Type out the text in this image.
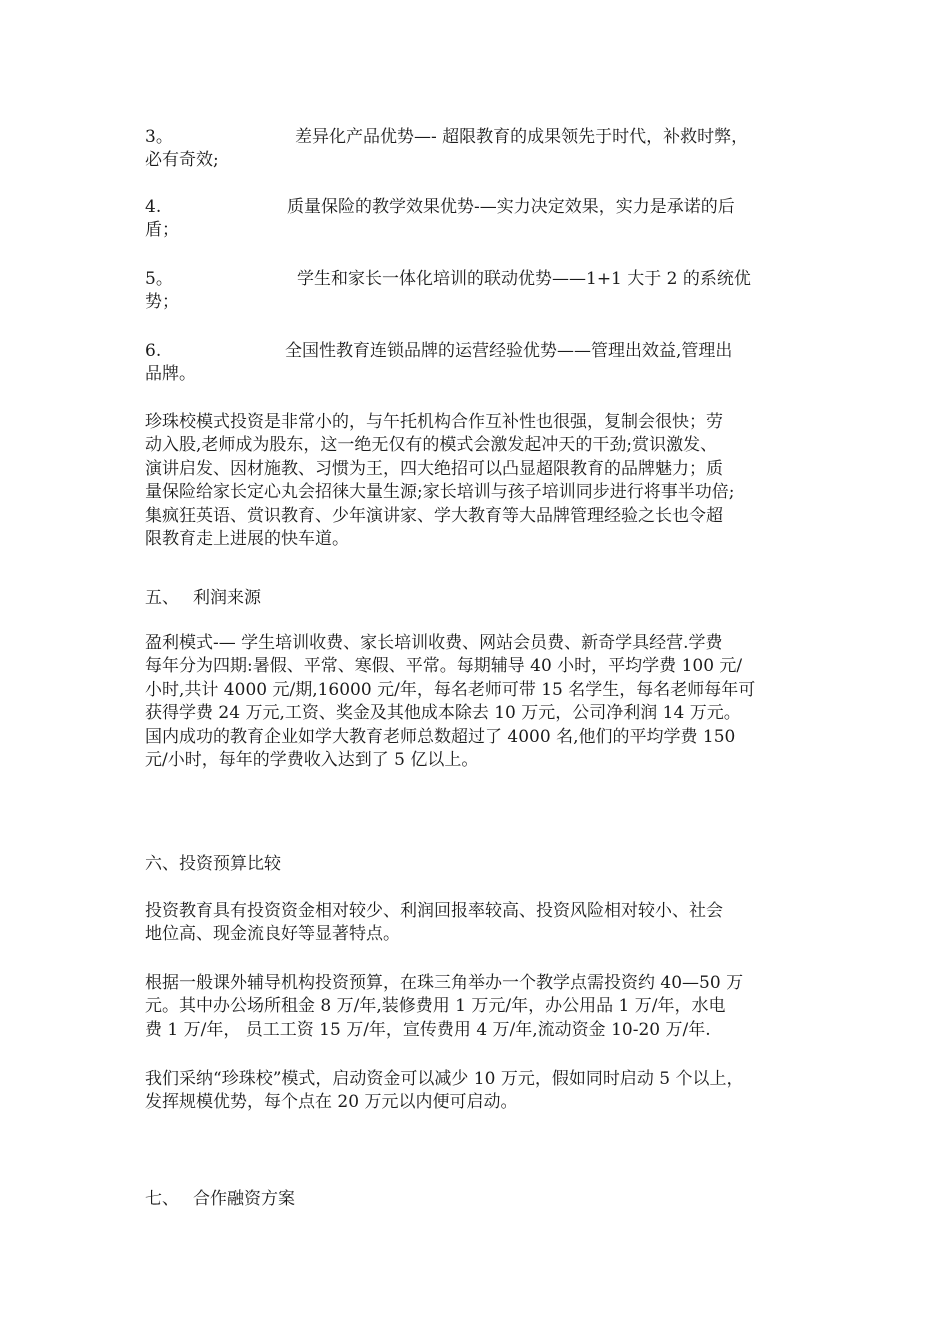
3。	差异化产品优势—- 超限教育的成果领先于时代，补救时弊，
必有奇效;
4.	质量保险的教学效果优势-—实力决定效果，实力是承诺的后
盾；
5。	学生和家长一体化培训的联动优势——1+1 大于 2 的系统优
势；
6.	全国性教育连锁品牌的运营经验优势——管理出效益,管理出
品牌。
珍珠校模式投资是非常小的，与午托机构合作互补性也很强，复制会很快；劳
动入股,老师成为股东，这一绝无仅有的模式会激发起冲天的干劲;赏识激发、
演讲启发、因材施教、习惯为王，四大绝招可以凸显超限教育的品牌魅力；质
量保险给家长定心丸会招徕大量生源;家长培训与孩子培训同步进行将事半功倍;
集疯狂英语、赏识教育、少年演讲家、学大教育等大品牌管理经验之长也令超
限教育走上进展的快车道。
五、 利润来源
盈利模式-— 学生培训收费、家长培训收费、网站会员费、新奇学具经营.学费
每年分为四期:暑假、平常、寒假、平常。每期辅导 40 小时，平均学费 100 元/
小时,共计 4000 元/期,16000 元/年，每名老师可带 15 名学生，每名老师每年可
获得学费 24 万元,工资、奖金及其他成本除去 10 万元，公司净利润 14 万元。
国内成功的教育企业如学大教育老师总数超过了 4000 名,他们的平均学费 150
元/小时，每年的学费收入达到了 5 亿以上。
六、投资预算比较
投资教育具有投资资金相对较少、利润回报率较高、投资风险相对较小、社会
地位高、现金流良好等显著特点。
根据一般课外辅导机构投资预算，在珠三角举办一个教学点需投资约 40—50 万
元。其中办公场所租金 8 万/年,装修费用 1 万元/年，办公用品 1 万/年，水电
费 1 万/年， 员工工资 15 万/年，宣传费用 4 万/年,流动资金 10-20 万/年.
我们采纳“珍珠校”模式，启动资金可以减少 10 万元，假如同时启动 5 个以上，
发挥规模优势，每个点在 20 万元以内便可启动。
七、 合作融资方案
